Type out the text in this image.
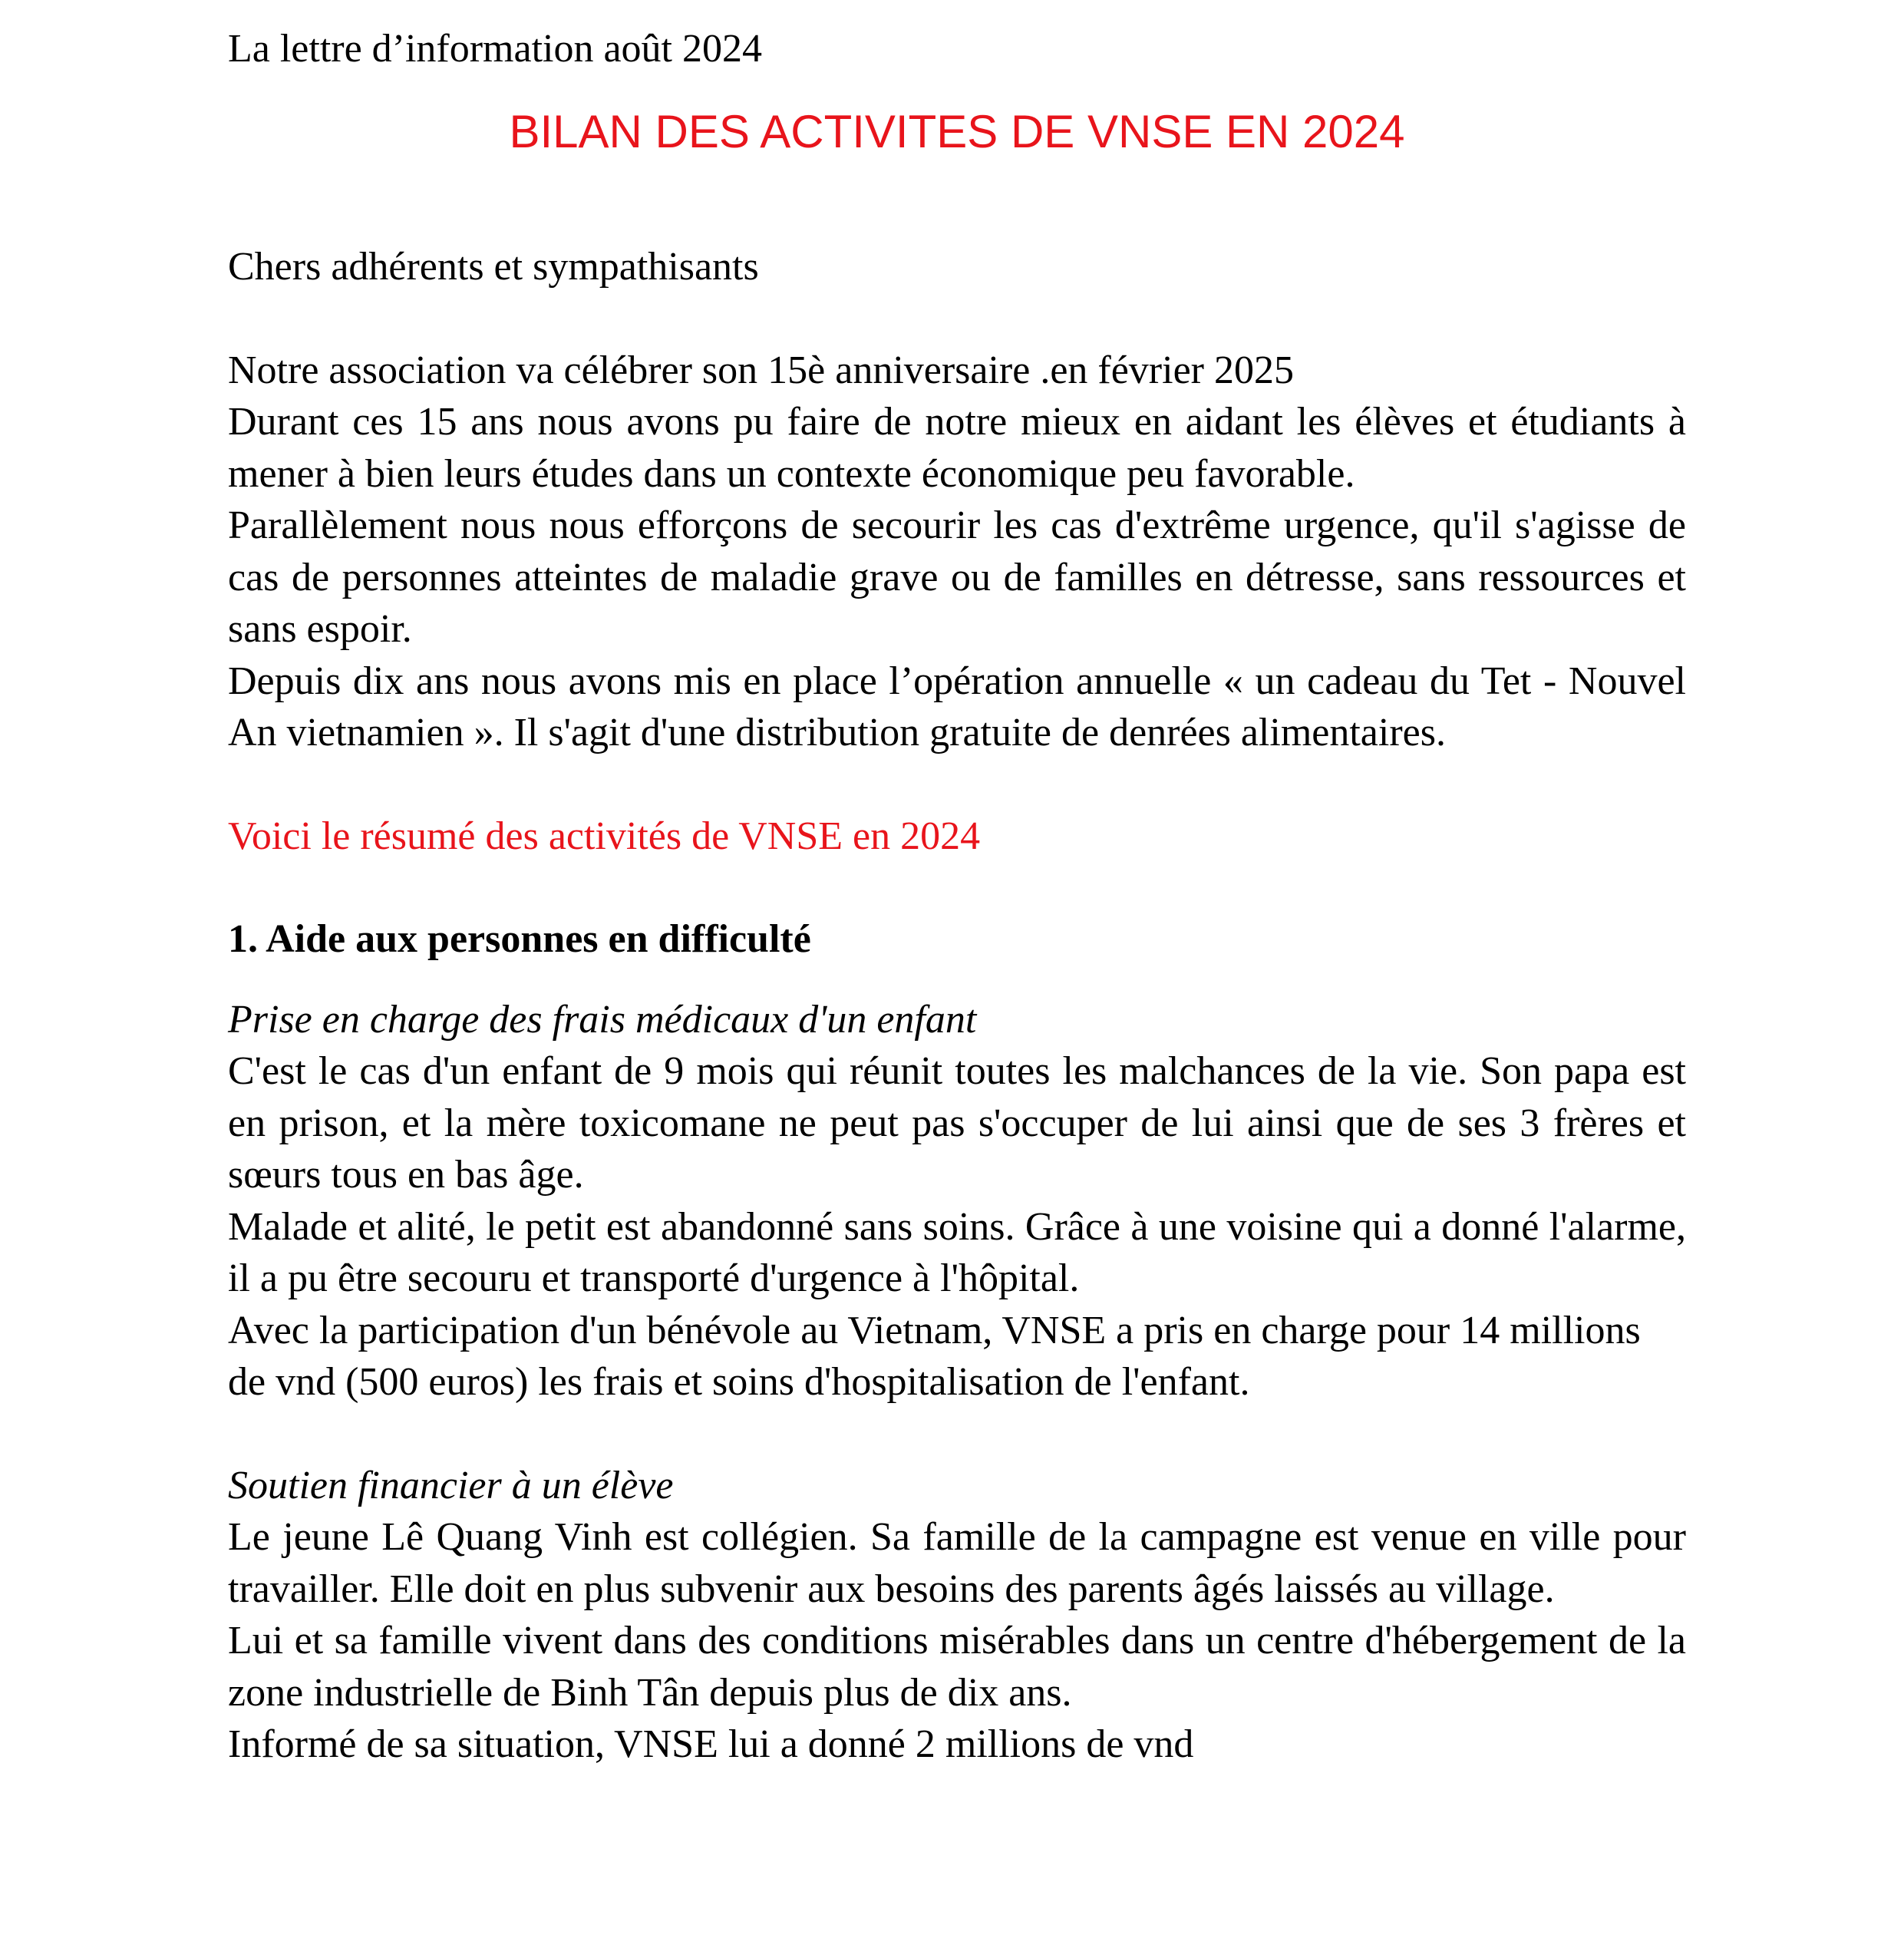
La lettre d’information août 2024

BILAN DES ACTIVITES DE VNSE EN 2024

Chers adhérents et sympathisants

Notre association va célébrer son 15è anniversaire .en février 2025

Durant ces 15 ans nous avons pu faire de notre mieux en aidant les élèves et étudiants à mener à bien leurs études dans un contexte économique peu favorable.

Parallèlement nous nous efforçons de secourir les cas d'extrême urgence, qu'il s'agisse de cas de personnes atteintes de maladie grave ou de familles en détresse, sans ressources et sans espoir.

Depuis dix ans nous avons mis en place l’opération annuelle « un cadeau du Tet - Nouvel An vietnamien ». Il s'agit d'une distribution gratuite de denrées alimentaires.

Voici le résumé des activités de VNSE en 2024

1. Aide aux personnes en difficulté

Prise en charge des frais médicaux d'un enfant

C'est le cas d'un enfant de 9 mois qui réunit toutes les malchances de la vie. Son papa est en prison, et la mère toxicomane ne peut pas s'occuper de lui ainsi que de ses 3 frères et sœurs tous en bas âge.

Malade et alité, le petit est abandonné sans soins. Grâce à une voisine qui a donné l'alarme, il a pu être secouru et transporté d'urgence à l'hôpital.

Avec la participation d'un bénévole au Vietnam, VNSE a pris en charge pour 14 millions de vnd (500 euros) les frais et soins d'hospitalisation de l'enfant.

Soutien financier à un élève

Le jeune Lê Quang Vinh est collégien. Sa famille de la campagne est venue en ville pour travailler. Elle doit en plus subvenir aux besoins des parents âgés laissés au village.

Lui et sa famille vivent dans des conditions misérables dans un centre d'hébergement de la zone industrielle de Binh Tân depuis plus de dix ans.

Informé de sa situation, VNSE lui a donné 2 millions de vnd
